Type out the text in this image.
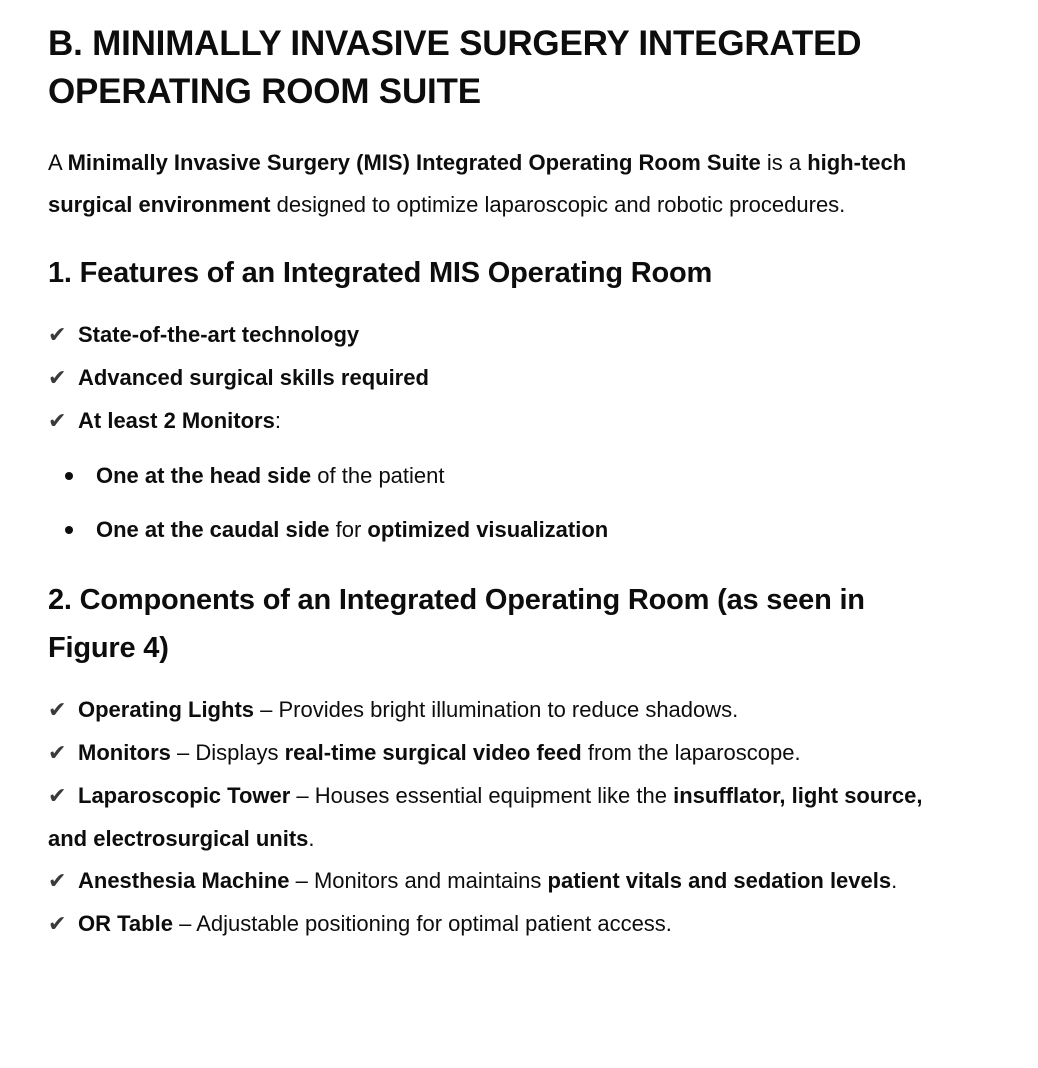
B. MINIMALLY INVASIVE SURGERY INTEGRATED OPERATING ROOM SUITE

A Minimally Invasive Surgery (MIS) Integrated Operating Room Suite is a high-tech surgical environment designed to optimize laparoscopic and robotic procedures.

1. Features of an Integrated MIS Operating Room
✔ State-of-the-art technology
✔ Advanced surgical skills required
✔ At least 2 Monitors:
One at the head side of the patient
One at the caudal side for optimized visualization
2. Components of an Integrated Operating Room (as seen in Figure 4)
✔ Operating Lights – Provides bright illumination to reduce shadows.
✔ Monitors – Displays real-time surgical video feed from the laparoscope.
✔ Laparoscopic Tower – Houses essential equipment like the insufflator, light source, and electrosurgical units.
✔ Anesthesia Machine – Monitors and maintains patient vitals and sedation levels.
✔ OR Table – Adjustable positioning for optimal patient access.
